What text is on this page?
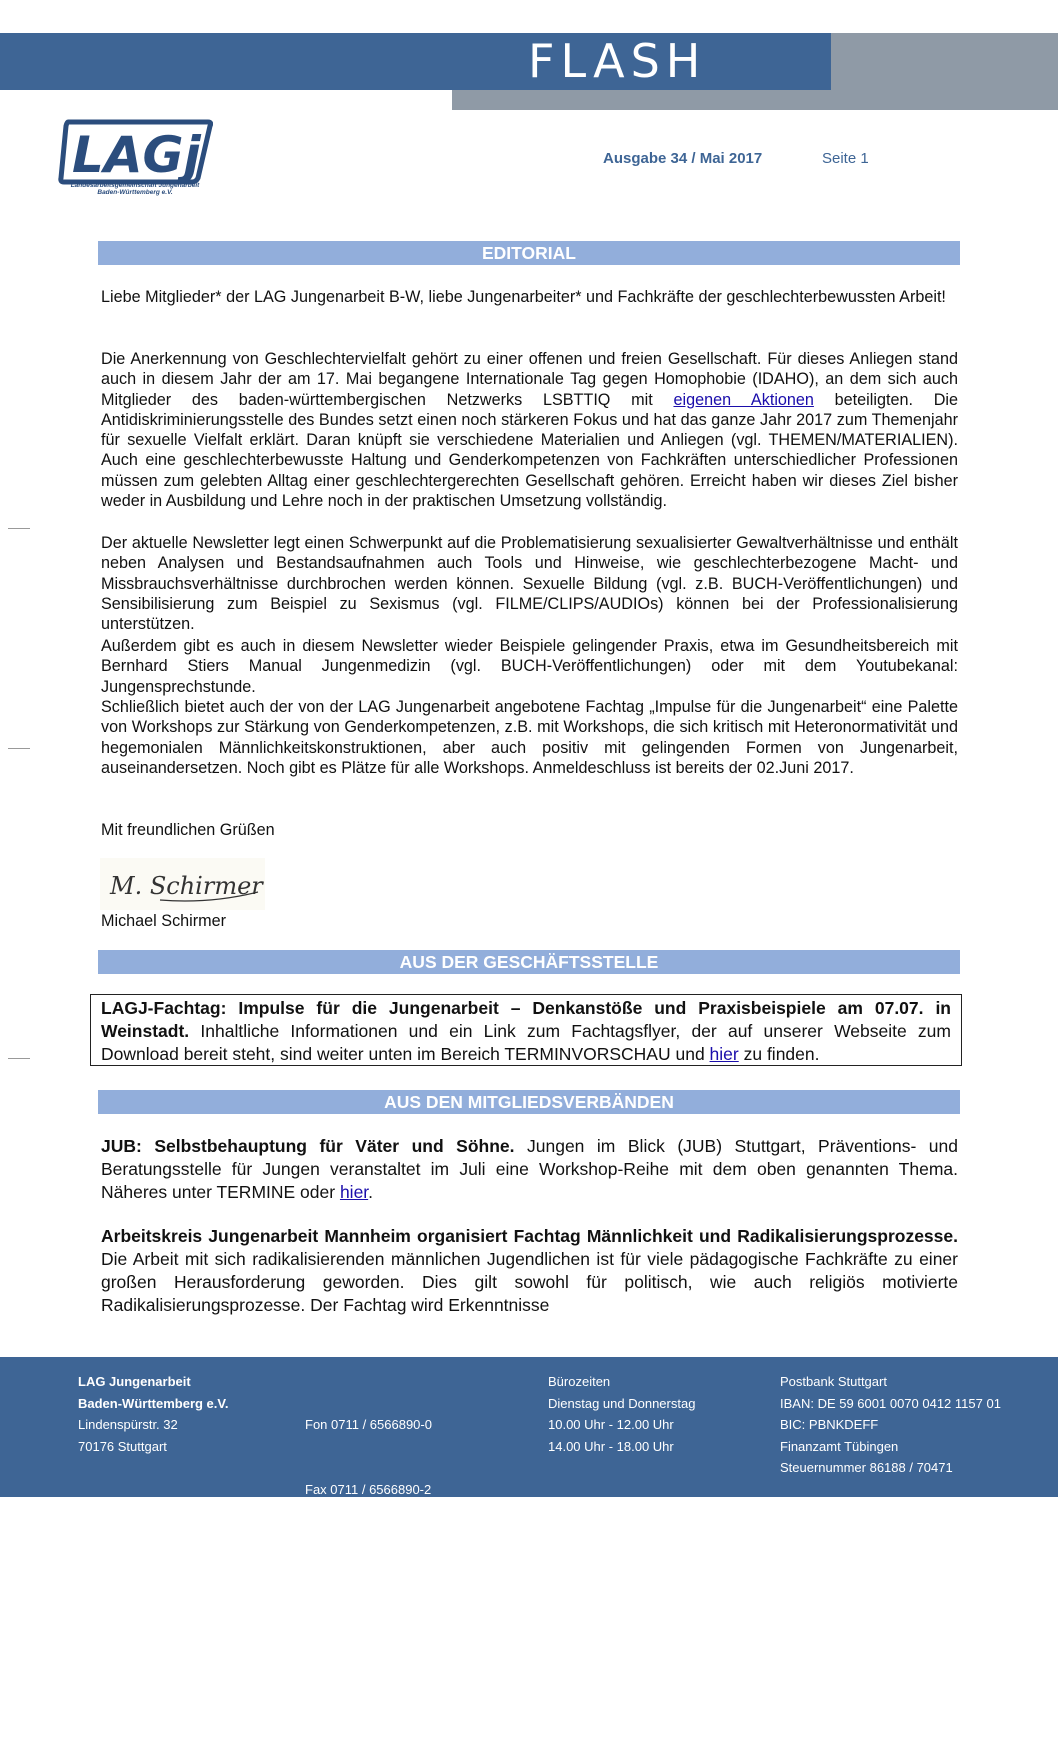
FLASH
LAGj
Landesarbeitsgemeinschaft Jungenarbeit
Baden-Württemberg e.V.
Ausgabe 34 / Mai 2017	Seite 1
EDITORIAL

Liebe Mitglieder* der LAG Jungenarbeit B-W, liebe Jungenarbeiter* und Fachkräfte der geschlechterbewussten Arbeit!

Die Anerkennung von Geschlechtervielfalt gehört zu einer offenen und freien Gesellschaft. Für dieses Anliegen stand auch in diesem Jahr der am 17. Mai begangene Internationale Tag gegen Homophobie (IDAHO), an dem sich auch Mitglieder des baden-württembergischen Netzwerks LSBTTIQ mit eigenen Aktionen beteiligten. Die Antidiskriminierungsstelle des Bundes setzt einen noch stärkeren Fokus und hat das ganze Jahr 2017 zum Themenjahr für sexuelle Vielfalt erklärt. Daran knüpft sie verschiedene Materialien und Anliegen (vgl. THEMEN/MATERIALIEN). Auch eine geschlechterbewusste Haltung und Genderkompetenzen von Fachkräften unterschiedlicher Professionen müssen zum gelebten Alltag einer geschlechtergerechten Gesellschaft gehören. Erreicht haben wir dieses Ziel bisher weder in Ausbildung und Lehre noch in der praktischen Umsetzung vollständig.

Der aktuelle Newsletter legt einen Schwerpunkt auf die Problematisierung sexualisierter Gewaltverhältnisse und enthält neben Analysen und Bestandsaufnahmen auch Tools und Hinweise, wie geschlechterbezogene Macht- und Missbrauchsverhältnisse durchbrochen werden können. Sexuelle Bildung (vgl. z.B. BUCH-Veröffentlichungen) und Sensibilisierung zum Beispiel zu Sexismus (vgl. FILME/CLIPS/AUDIOs) können bei der Professionalisierung unterstützen.

Außerdem gibt es auch in diesem Newsletter wieder Beispiele gelingender Praxis, etwa im Gesundheitsbereich mit Bernhard Stiers Manual Jungenmedizin (vgl. BUCH-Veröffentlichungen) oder mit dem Youtubekanal: Jungensprechstunde.

Schließlich bietet auch der von der LAG Jungenarbeit angebotene Fachtag „Impulse für die Jungenarbeit“ eine Palette von Workshops zur Stärkung von Genderkompetenzen, z.B. mit Workshops, die sich kritisch mit Heteronormativität und hegemonialen Männlichkeitskonstruktionen, aber auch positiv mit gelingenden Formen von Jungenarbeit, auseinandersetzen. Noch gibt es Plätze für alle Workshops. Anmeldeschluss ist bereits der 02.Juni 2017.

Mit freundlichen Grüßen

M. Schirmer

Michael Schirmer

AUS DER GESCHÄFTSSTELLE
LAGJ-Fachtag: Impulse für die Jungenarbeit – Denkanstöße und Praxisbeispiele am 07.07. in Weinstadt. Inhaltliche Informationen und ein Link zum Fachtagsflyer, der auf unserer Webseite zum Download bereit steht, sind weiter unten im Bereich TERMINVORSCHAU und hier zu finden.
AUS DEN MITGLIEDSVERBÄNDEN

JUB: Selbstbehauptung für Väter und Söhne. Jungen im Blick (JUB) Stuttgart, Präventions- und Beratungsstelle für Jungen veranstaltet im Juli eine Workshop-Reihe mit dem oben genannten Thema. Näheres unter TERMINE oder hier.

Arbeitskreis Jungenarbeit Mannheim organisiert Fachtag Männlichkeit und Radikalisierungsprozesse. Die Arbeit mit sich radikalisierenden männlichen Jugendlichen ist für viele pädagogische Fachkräfte zu einer großen Herausforderung geworden. Dies gilt sowohl für politisch, wie auch religiös motivierte Radikalisierungsprozesse. Der Fachtag wird Erkenntnisse

LAG Jungenarbeit
Baden-Württemberg e.V.
Lindenspürstr. 32
70176 Stuttgart

Fon 0711 / 6566890-0

Fax 0711 / 6566890-2

Mobil 01523 / 3883029

info@lag-jungenarbeit.de

www.lag-jungenarbeit.de

Bürozeiten
Dienstag und Donnerstag
10.00 Uhr - 12.00 Uhr
14.00 Uhr - 18.00 Uhr
Postbank Stuttgart
IBAN: DE 59 6001 0070 0412 1157 01
BIC: PBNKDEFF
Finanzamt Tübingen
Steuernummer 86188 / 70471
